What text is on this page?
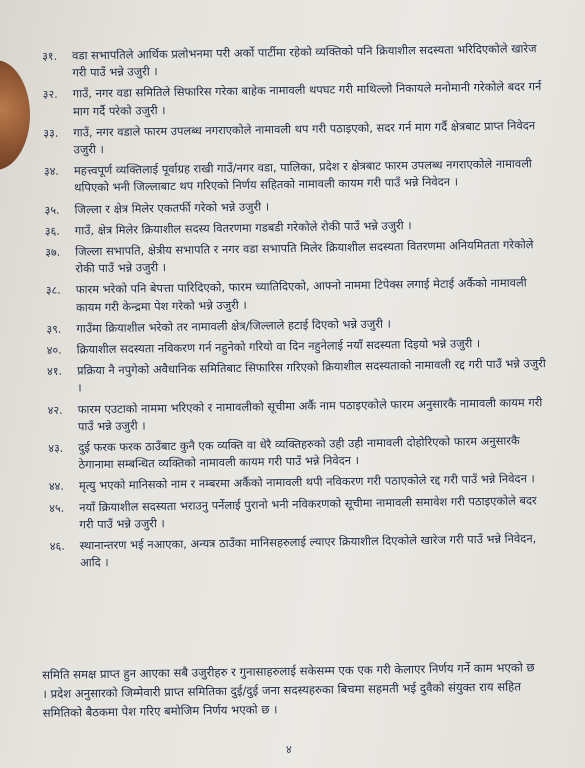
३१. वडा सभापतिले आर्थिक प्रलोभनमा परी अर्को पार्टीमा रहेको व्यक्तिको पनि क्रियाशील सदस्यता भरिदिएकोले खारेज गरी पाउँ भन्ने उजुरी ।
३२. गाउँ, नगर वडा समितिले सिफारिस गरेका बाहेक नामावली थपघट गरी माथिल्लो निकायले मनोमानी गरेकोले बदर गर्न माग गर्दै परेको उजुरी ।
३३. गाउँ, नगर वडाले फारम उपलब्ध नगराएकोले नामावली थप गरी पठाइएको, सदर गर्न माग गर्दै क्षेत्रबाट प्राप्त निवेदन उजुरी ।
३४. महत्त्वपूर्ण व्यक्तिलाई पूर्वाग्रह राखी गाउँ/नगर वडा, पालिका, प्रदेश र क्षेत्रबाट फारम उपलब्ध नगराएकोले नामावली थपिएको भनी जिल्लाबाट थप गरिएको निर्णय सहितको नामावली कायम गरी पाउँ भन्ने निवेदन ।
३५. जिल्ला र क्षेत्र मिलेर एकतर्फी गरेको भन्ने उजुरी ।
३६. गाउँ, क्षेत्र मिलेर क्रियाशील सदस्य वितरणमा गडबडी गरेकोले रोकी पाउँ भन्ने उजुरी ।
३७. जिल्ला सभापति, क्षेत्रीय सभापति र नगर वडा सभापति मिलेर क्रियाशील सदस्यता वितरणमा अनियमितता गरेकोले रोकी पाउँ भन्ने उजुरी ।
३८. फारम भरेको पनि बेपत्ता पारिदिएको, फारम च्यातिदिएको, आफ्नो नाममा टिपेक्स लगाई मेटाई अर्कैको नामावली कायम गरी केन्द्रमा पेश गरेको भन्ने उजुरी ।
३९. गाउँमा क्रियाशील भरेको तर नामावली क्षेत्र/जिल्लाले हटाई दिएको भन्ने उजुरी ।
४०. क्रियाशील सदस्यता नविकरण गर्न नहुनेको गरियो वा दिन नहुनेलाई नयाँ सदस्यता दिइयो भन्ने उजुरी ।
४१. प्रक्रिया नै नपुगेको अवैधानिक समितिबाट सिफारिस गरिएको क्रियाशील सदस्यताको नामावली रद्द गरी पाउँ भन्ने उजुरी ।
४२. फारम एउटाको नाममा भरिएको र नामावलीको सूचीमा अर्कै नाम पठाइएकोले फारम अनुसारकै नामावली कायम गरी पाउँ भन्ने उजुरी ।
४३. दुई फरक फरक ठाउँबाट कुनै एक व्यक्ति वा धेरै व्यक्तिहरुको उही उही नामावली दोहोरिएको फारम अनुसारकै ठेगानामा सम्बन्धित व्यक्तिको नामावली कायम गरी पाउँ भन्ने निवेदन ।
४४. मृत्यु भएको मानिसको नाम र नम्बरमा अर्कैको नामावली थपी नविकरण गरी पठाएकोले रद्द गरी पाउँ भन्ने निवेदन ।
४५. नयाँ क्रियाशील सदस्यता भराउनु पर्नेलाई पुरानो भनी नविकरणको सूचीमा नामावली समावेश गरी पठाइएकोले बदर गरी पाउँ भन्ने उजुरी ।
४६. स्थानान्तरण भई नआएका, अन्यत्र ठाउँका मानिसहरुलाई ल्याएर क्रियाशील दिएकोले खारेज गरी पाउँ भन्ने निवेदन, आदि ।

समिति समक्ष प्राप्त हुन आएका सबै उजुरीहरु र गुनासाहरुलाई सकेसम्म एक एक गरी केलाएर निर्णय गर्ने काम भएको छ । प्रदेश अनुसारको जिम्मेवारी प्राप्त समितिका दुई/दुई जना सदस्यहरुका बिचमा सहमती भई दुवैको संयुक्त राय सहित समितिको बैठकमा पेश गरिए बमोजिम निर्णय भएको छ ।

४
